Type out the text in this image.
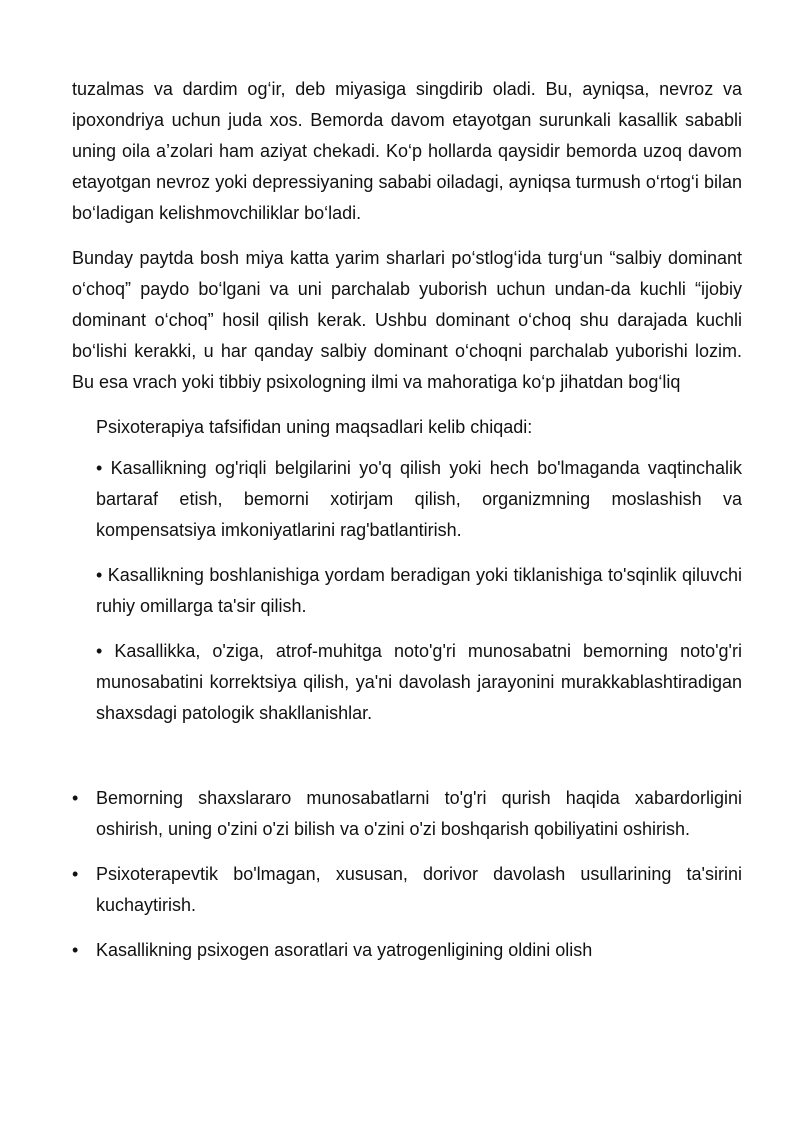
tuzalmas va dardim og‘ir, deb miyasiga singdirib oladi. Bu, ayniqsa, nevroz va ipoxondriya uchun juda xos. Bemorda davom etayotgan surunkali kasallik sababli uning oila a’zolari ham aziyat chekadi. Ko‘p hollarda qaysidir bemorda uzoq davom etayotgan nevroz yoki depressiyaning sababi oiladagi, ayniqsa turmush o‘rtog‘i bilan bo‘ladigan kelishmovchiliklar bo‘ladi.

Bunday paytda bosh miya katta yarim sharlari po‘stlog‘ida turg‘un “salbiy dominant o‘choq” paydo bo‘lgani va uni parchalab yuborish uchun undan-da kuchli “ijobiy dominant o‘choq” hosil qilish kerak. Ushbu dominant o‘choq shu darajada kuchli bo‘lishi kerakki, u har qanday salbiy dominant o‘choqni parchalab yuborishi lozim. Bu esa vrach yoki tibbiy psixologning ilmi va mahoratiga ko‘p jihatdan bog‘liq

Psixoterapiya tafsifidan uning maqsadlari kelib chiqadi:

• Kasallikning og'riqli belgilarini yo'q qilish yoki hech bo'lmaganda vaqtinchalik bartaraf etish, bemorni xotirjam qilish, organizmning moslashish va kompensatsiya imkoniyatlarini rag'batlantirish.

• Kasallikning boshlanishiga yordam beradigan yoki tiklanishiga to'sqinlik qiluvchi ruhiy omillarga ta'sir qilish.

• Kasallikka, o'ziga, atrof-muhitga noto'g'ri munosabatni bemorning noto'g'ri munosabatini korrektsiya qilish, ya'ni davolash jarayonini murakkablashtiradigan shaxsdagi patologik shakllanishlar.

• Bemorning shaxslararo munosabatlarni to'g'ri qurish haqida xabardorligini oshirish, uning o'zini o'zi bilish va o'zini o'zi boshqarish qobiliyatini oshirish.
• Psixoterapevtik bo'lmagan, xususan, dorivor davolash usullarining ta'sirini kuchaytirish.
• Kasallikning psixogen asoratlari va yatrogenligining oldini olish
